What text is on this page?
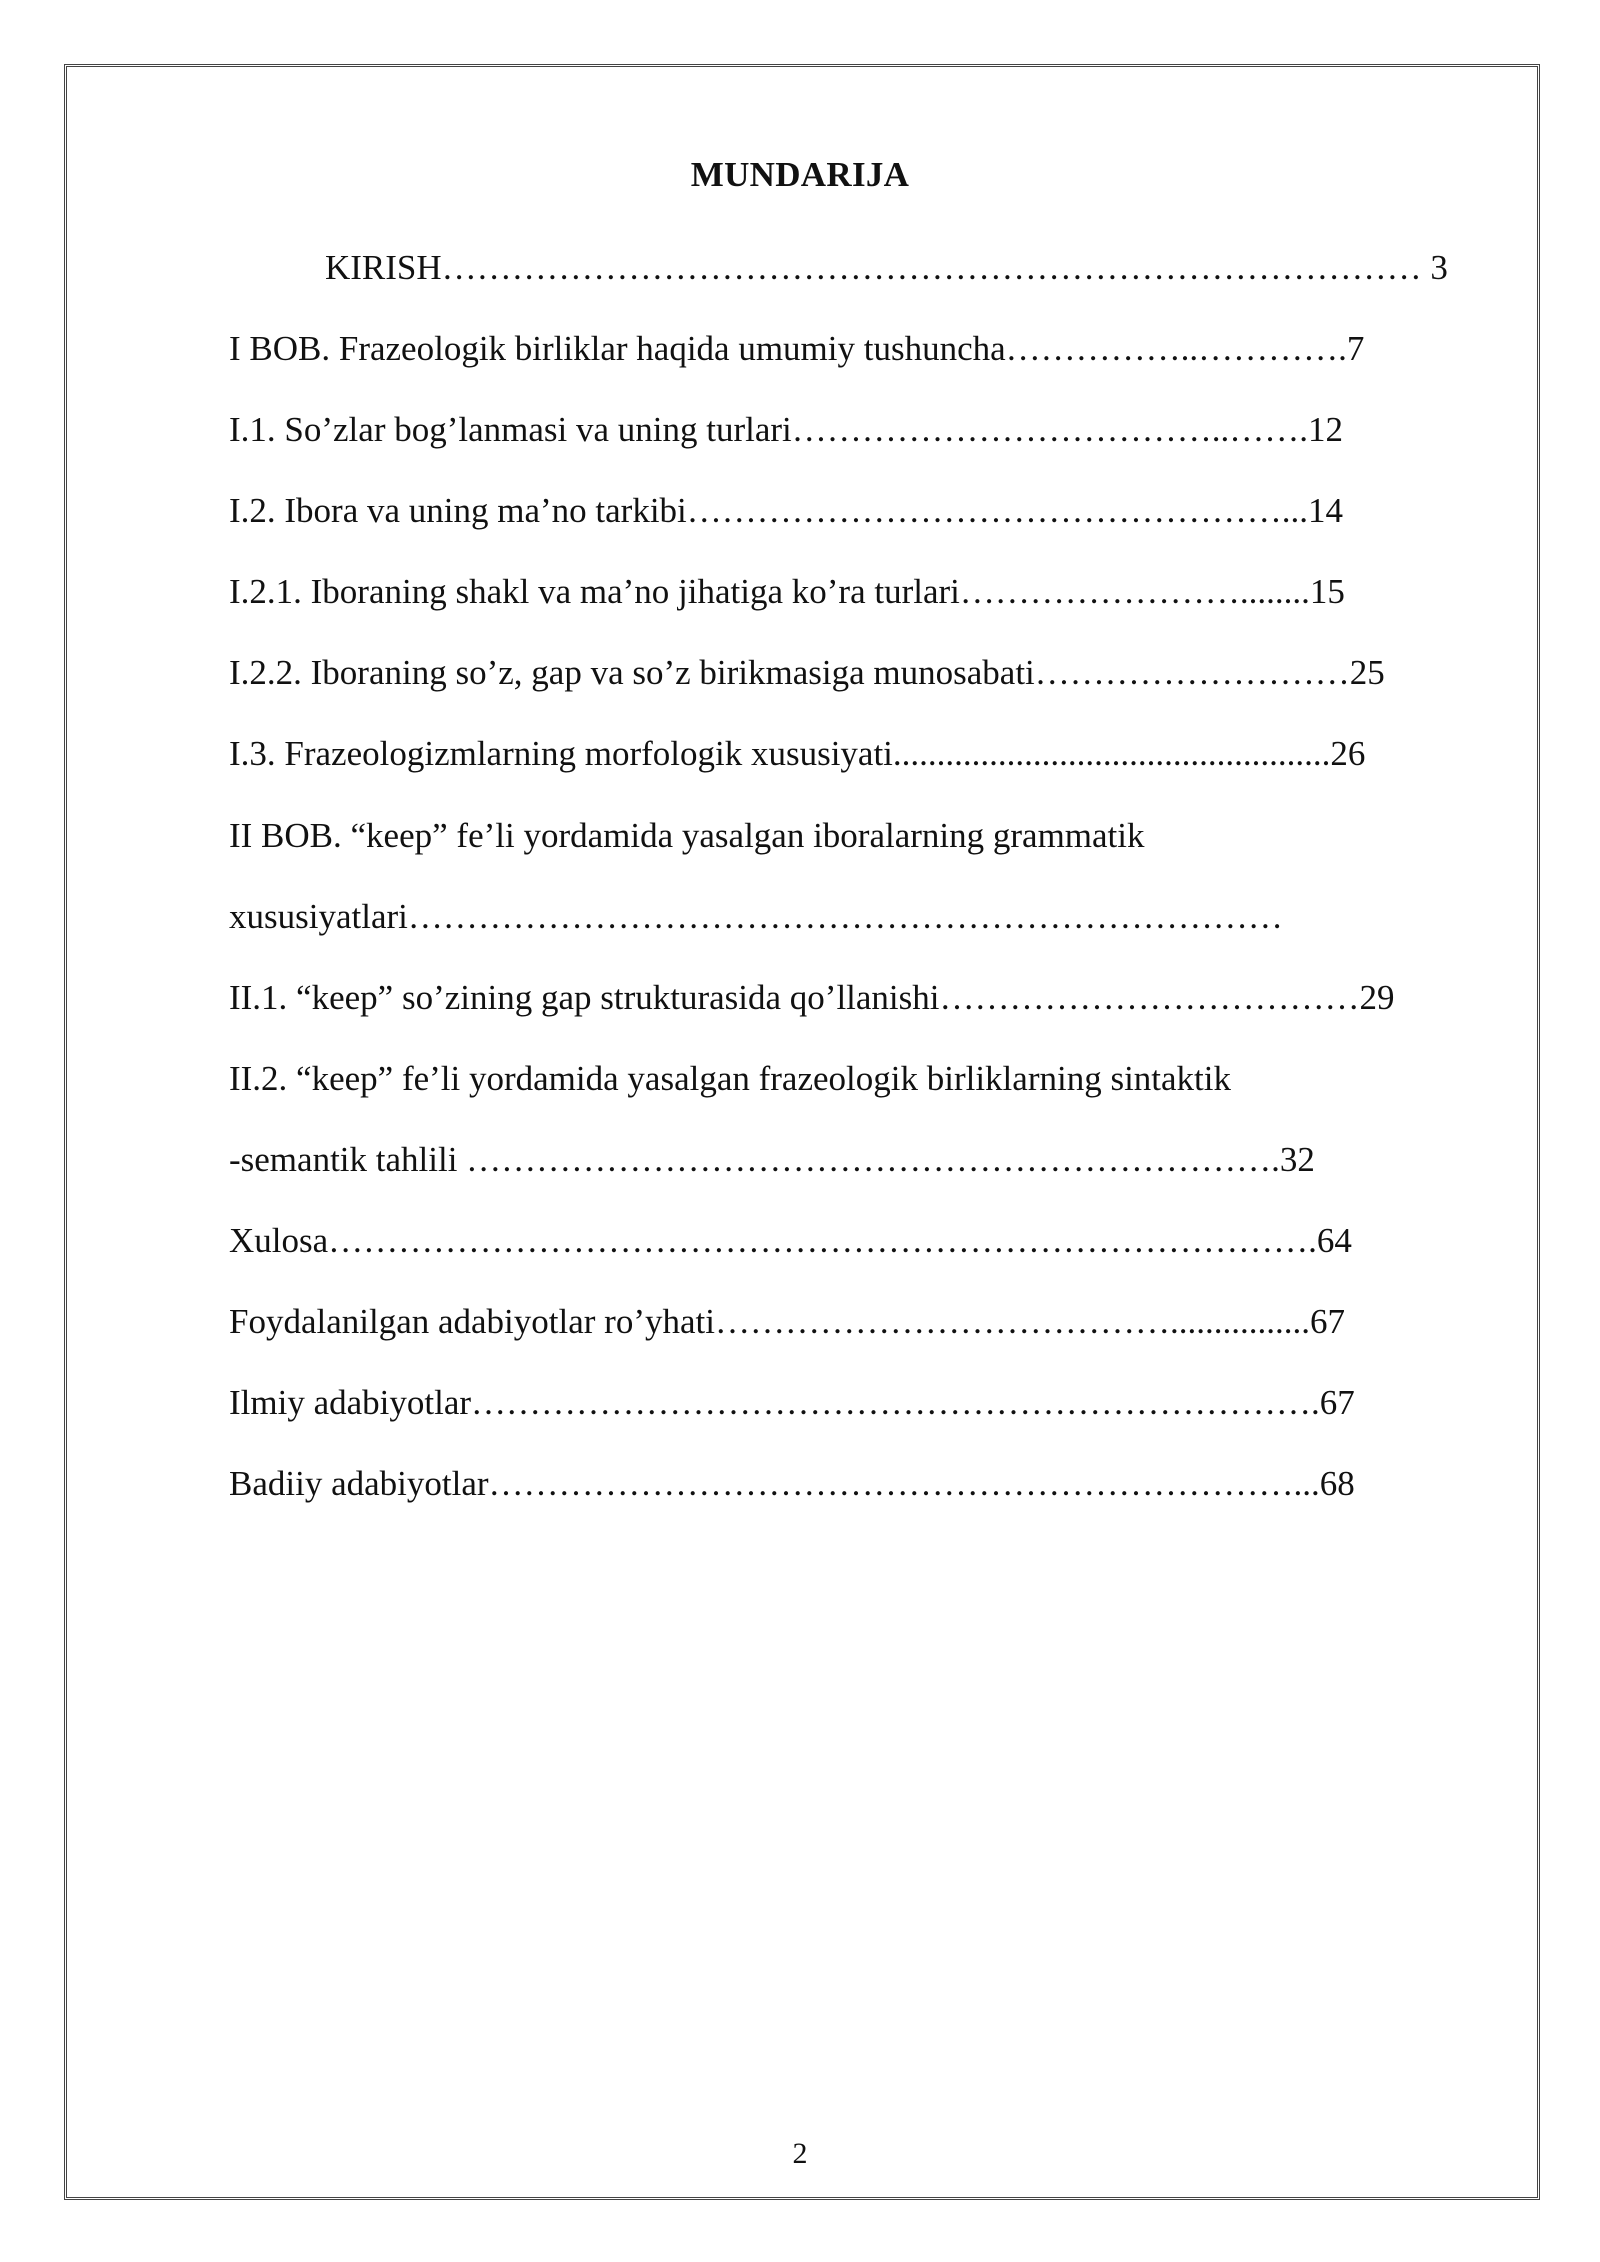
MUNDARIJA
KIRISH………………………………………………………………………… 3
I BOB. Frazeologik birliklar haqida umumiy tushuncha……………..………….7
I.1. So’zlar bog’lanmasi va uning turlari………………………………..…….12
I.2. Ibora va uning ma’no tarkibi……………………………………………...14
I.2.1. Iboraning shakl va ma’no jihatiga ko’ra turlari……………………........15
I.2.2. Iboraning so’z, gap va so’z birikmasiga munosabati………………………25
I.3. Frazeologizmlarning morfologik xususiyati..................................................26
II BOB. “keep” fe’li yordamida yasalgan iboralarning grammatik
xususiyatlari…………………………………………………………………
II.1. “keep” so’zining gap strukturasida qo’llanishi………………………………29
II.2. “keep” fe’li yordamida yasalgan frazeologik birliklarning sintaktik
-semantik tahlili …………………………………………………………….32
Xulosa………………………………………………………………………….64
Foydalanilgan adabiyotlar ro’yhati…………………………………................67
Ilmiy adabiyotlar……………………………………………………………….67
Badiiy adabiyotlar……………………………………………………………...68
2
